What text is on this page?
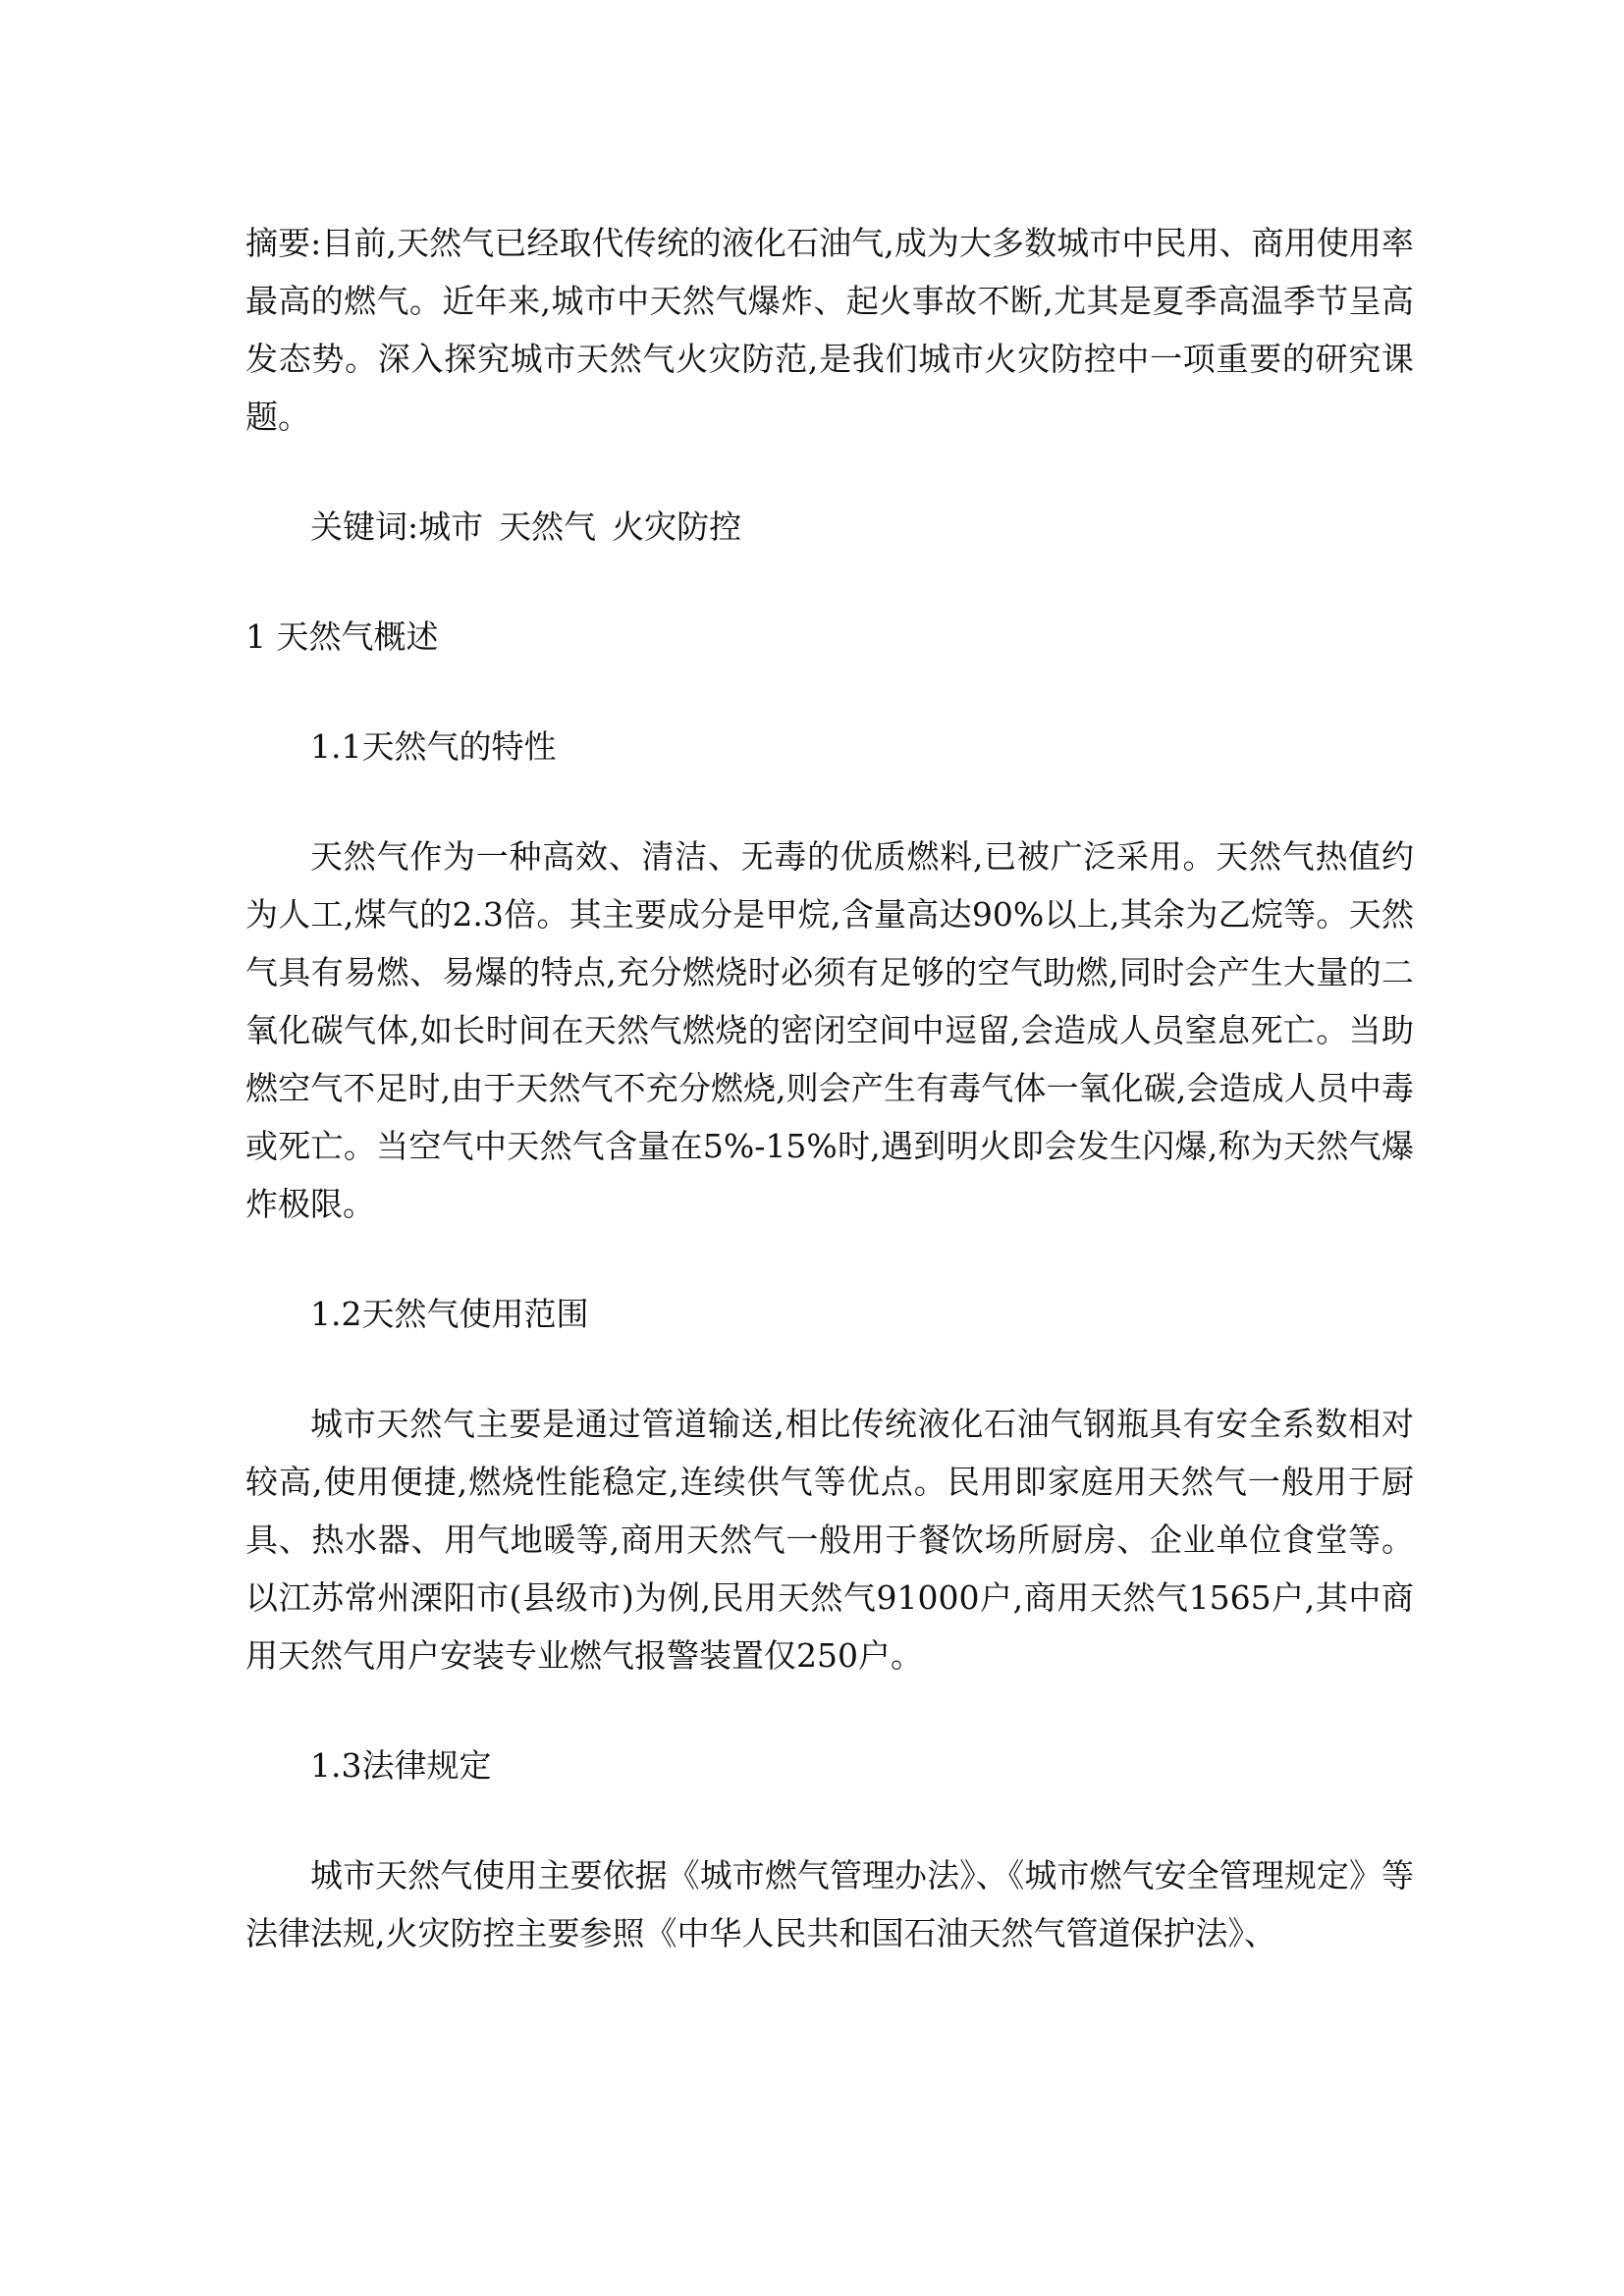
摘要:目前,天然气已经取代传统的液化石油气,成为大多数城市中民用、商用使用率最高的燃气。近年来,城市中天然气爆炸、起火事故不断,尤其是夏季高温季节呈高发态势。深入探究城市天然气火灾防范,是我们城市火灾防控中一项重要的研究课题。

关键词:城市 天然气 火灾防控

1 天然气概述

1.1天然气的特性

天然气作为一种高效、清洁、无毒的优质燃料,已被广泛采用。天然气热值约为人工,煤气的2.3倍。其主要成分是甲烷,含量高达90%以上,其余为乙烷等。天然气具有易燃、易爆的特点,充分燃烧时必须有足够的空气助燃,同时会产生大量的二氧化碳气体,如长时间在天然气燃烧的密闭空间中逗留,会造成人员窒息死亡。当助燃空气不足时,由于天然气不充分燃烧,则会产生有毒气体一氧化碳,会造成人员中毒或死亡。当空气中天然气含量在5%-15%时,遇到明火即会发生闪爆,称为天然气爆炸极限。

1.2天然气使用范围

城市天然气主要是通过管道输送,相比传统液化石油气钢瓶具有安全系数相对较高,使用便捷,燃烧性能稳定,连续供气等优点。民用即家庭用天然气一般用于厨具、热水器、用气地暖等,商用天然气一般用于餐饮场所厨房、企业单位食堂等。以江苏常州溧阳市(县级市)为例,民用天然气91000户,商用天然气1565户,其中商用天然气用户安装专业燃气报警装置仅250户。

1.3法律规定

城市天然气使用主要依据《城市燃气管理办法》、《城市燃气安全管理规定》等法律法规,火灾防控主要参照《中华人民共和国石油天然气管道保护法》、
